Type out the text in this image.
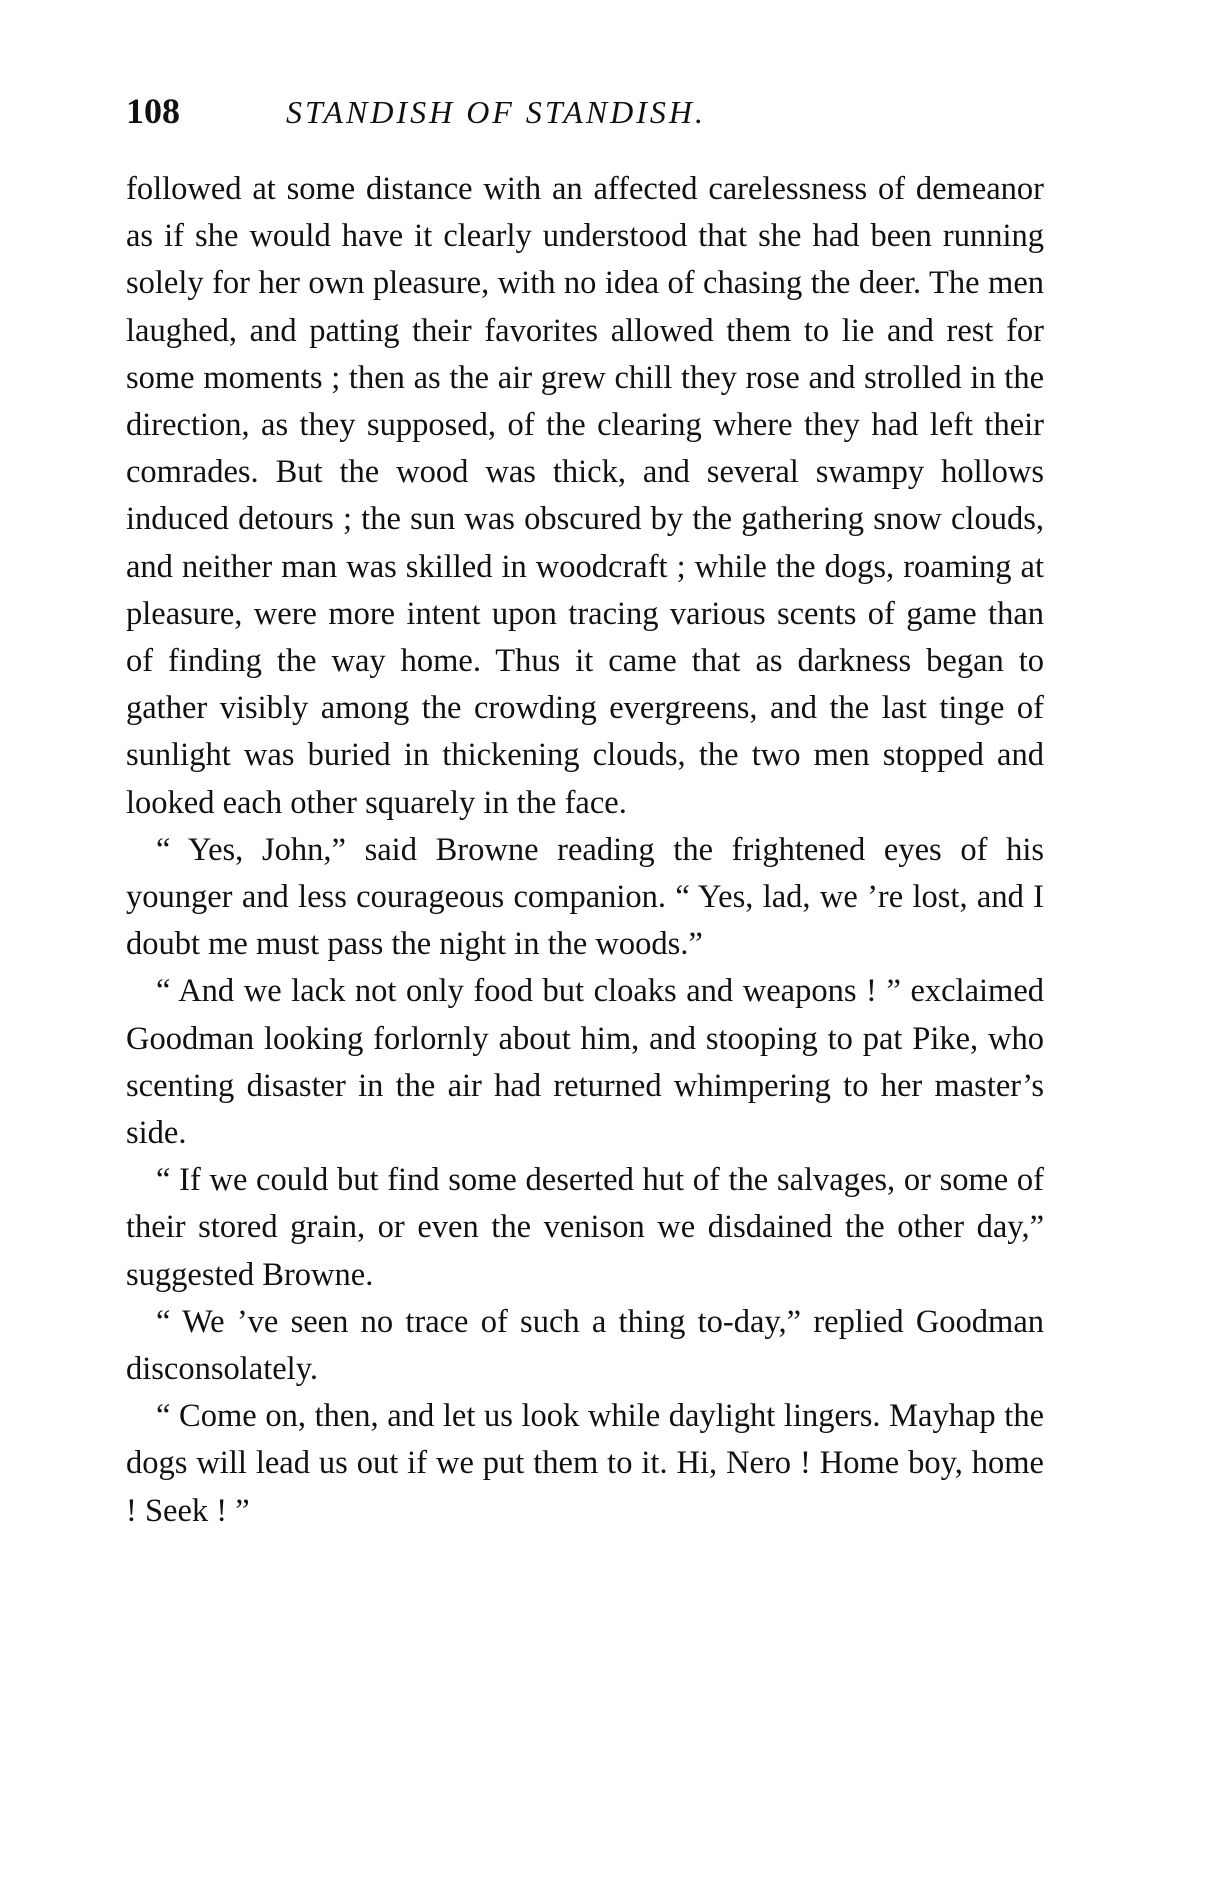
108	STANDISH OF STANDISH.

followed at some distance with an affected carelessness of demeanor as if she would have it clearly understood that she had been running solely for her own pleasure, with no idea of chasing the deer. The men laughed, and patting their favorites allowed them to lie and rest for some moments ; then as the air grew chill they rose and strolled in the direction, as they supposed, of the clearing where they had left their comrades. But the wood was thick, and several swampy hollows induced detours ; the sun was obscured by the gathering snow clouds, and neither man was skilled in woodcraft ; while the dogs, roaming at pleasure, were more intent upon tracing various scents of game than of finding the way home. Thus it came that as darkness began to gather visibly among the crowding evergreens, and the last tinge of sunlight was buried in thickening clouds, the two men stopped and looked each other squarely in the face.

“ Yes, John,” said Browne reading the frightened eyes of his younger and less courageous companion. “ Yes, lad, we ’re lost, and I doubt me must pass the night in the woods.”

“ And we lack not only food but cloaks and weapons ! ” exclaimed Goodman looking forlornly about him, and stooping to pat Pike, who scenting disaster in the air had returned whimpering to her master’s side.

“ If we could but find some deserted hut of the salvages, or some of their stored grain, or even the venison we disdained the other day,” suggested Browne.

“ We ’ve seen no trace of such a thing to-day,” replied Goodman disconsolately.

“ Come on, then, and let us look while daylight lingers. Mayhap the dogs will lead us out if we put them to it. Hi, Nero ! Home boy, home ! Seek ! ”
